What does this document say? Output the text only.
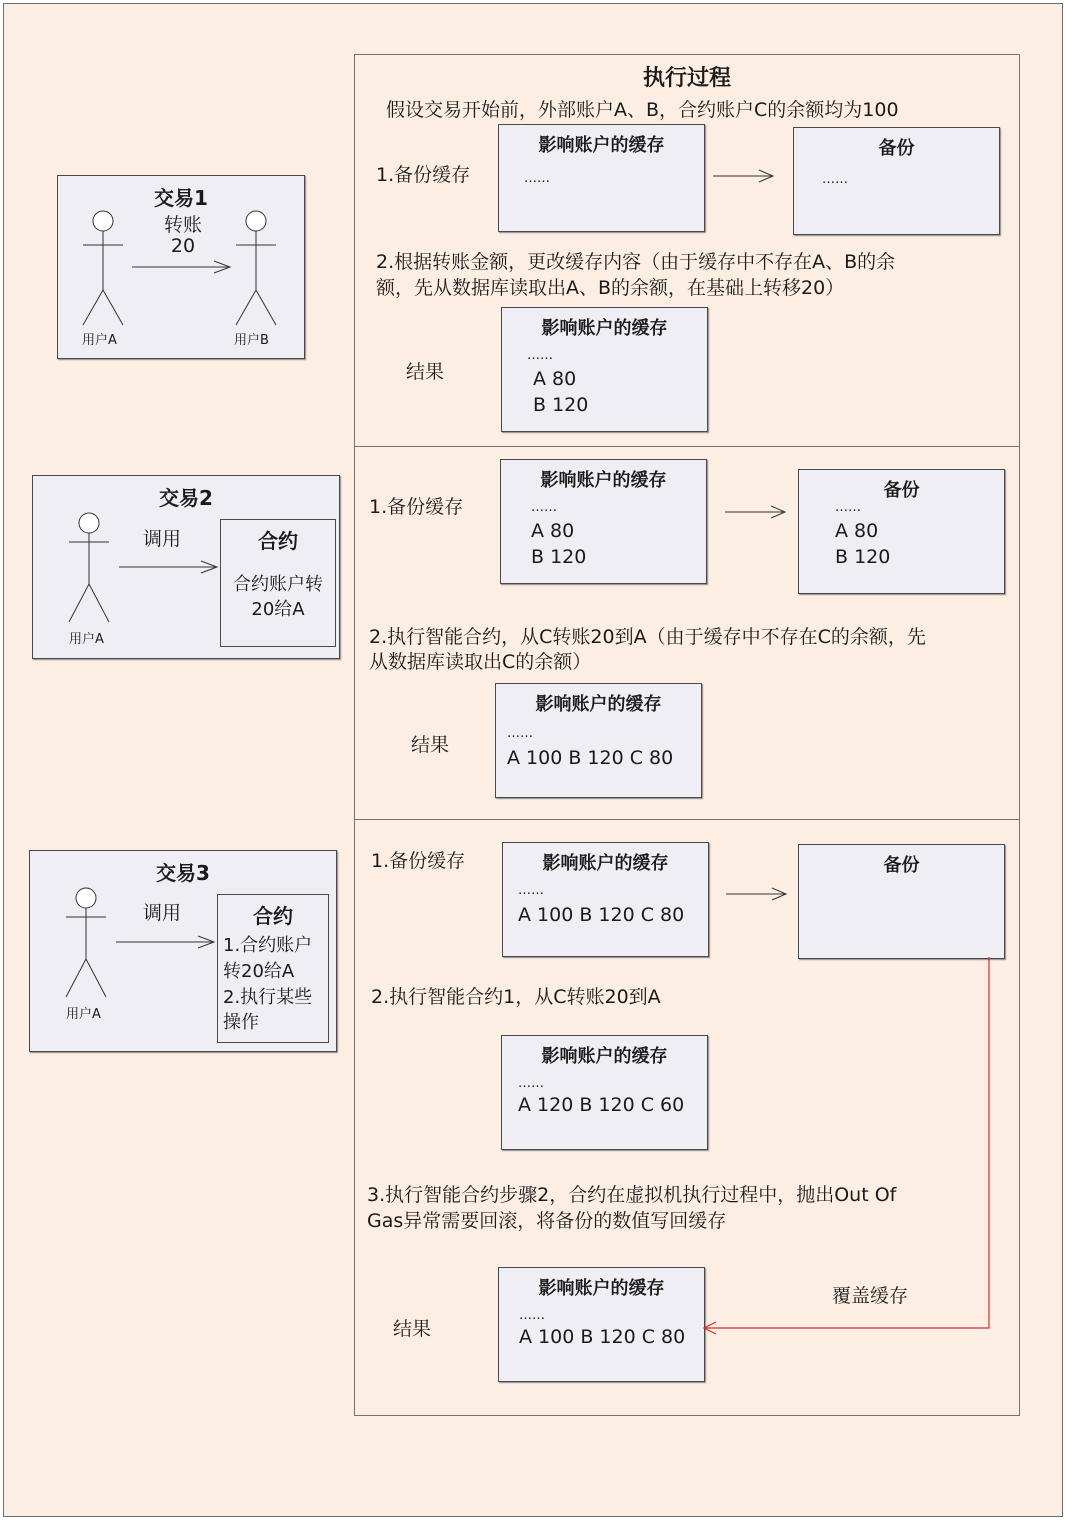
交易1
转账
20
用户A	用户B
交易2
用户A
调用	合约
合约账户转
20给A
交易3
用户A
调用	合约
1.合约账户
转20给A
2.执行某些
操作
执行过程
假设交易开始前，外部账户A、B，合约账户C的余额均为100
1.备份缓存
影响账户的缓存
……
备份
……
2.根据转账金额，更改缓存内容（由于缓存中不存在A、B的余
额，先从数据库读取出A、B的余额，在基础上转移20）
结果
影响账户的缓存
……
A 80
B 120
1.备份缓存
影响账户的缓存
……
A 80
B 120
备份
……
A 80
B 120
2.执行智能合约，从C转账20到A（由于缓存中不存在C的余额，先
从数据库读取出C的余额）
结果
影响账户的缓存
……
A 100 B 120 C 80
1.备份缓存	影响账户的缓存
……
A 100 B 120 C 80
备份
2.执行智能合约1，从C转账20到A
影响账户的缓存
……
A 120 B 120 C 60
3.执行智能合约步骤2，合约在虚拟机执行过程中，抛出Out Of
Gas异常需要回滚，将备份的数值写回缓存
结果
影响账户的缓存
……
A 100 B 120 C 80
覆盖缓存
